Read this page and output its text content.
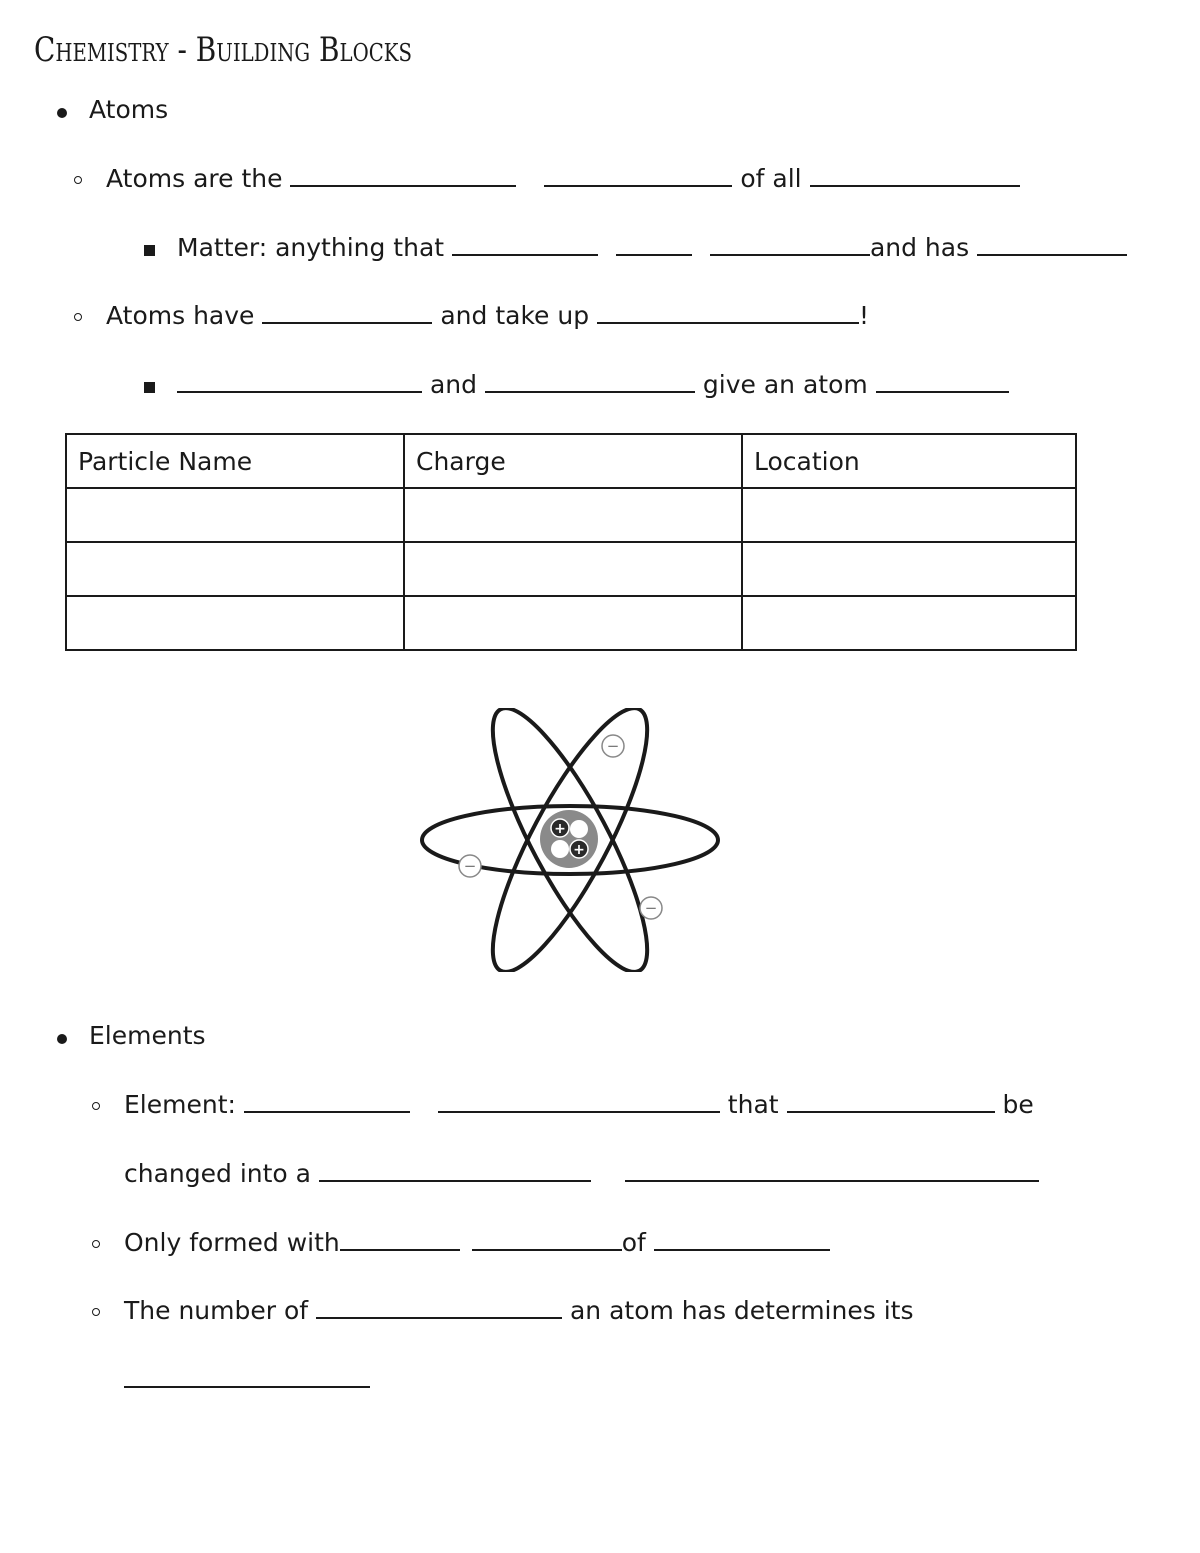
Chemistry - Building Blocks
Atoms
Atoms are the	of all
Matter: anything that	and has
Atoms have	and take up	!
and	give an atom
Particle Name	Charge	Location

+
+
−
−
−
Elements
Element:	that	be
changed into a
Only formed with	of
The number of	an atom has determines its
